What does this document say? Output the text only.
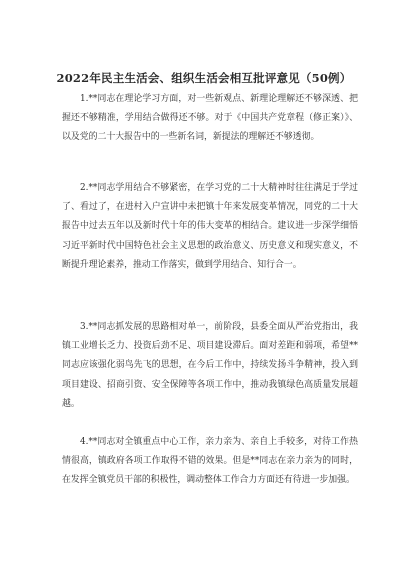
2022年民主生活会、组织生活会相互批评意见（50例）

1.**同志在理论学习方面，对一些新观点、新理论理解还不够深透、把握还不够精准，学用结合做得还不够。对于《中国共产党章程（修正案）》、以及党的二十大报告中的一些新名词，新提法的理解还不够透彻。

2.**同志学用结合不够紧密，在学习党的二十大精神时往往满足于学过了、看过了，在进村入户宣讲中未把镇十年来发展变革情况，同党的二十大报告中过去五年以及新时代十年的伟大变革的相结合。建议进一步深学细悟习近平新时代中国特色社会主义思想的政治意义、历史意义和现实意义，不断提升理论素养，推动工作落实，做到学用结合、知行合一。

3.**同志抓发展的思路相对单一，前阶段，县委全面从严治党指出，我镇工业增长乏力、投资后劲不足、项目建设滞后。面对差距和弱项，希望**同志应该强化弱鸟先飞的思想，在今后工作中，持续发扬斗争精神，投入到项目建设、招商引资、安全保障等各项工作中，推动我镇绿色高质量发展超越。

4.**同志对全镇重点中心工作，亲力亲为、亲自上手较多，对待工作热情很高，镇政府各项工作取得不错的效果。但是**同志在亲力亲为的同时，在发挥全镇党员干部的积极性，调动整体工作合力方面还有待进一步加强。
